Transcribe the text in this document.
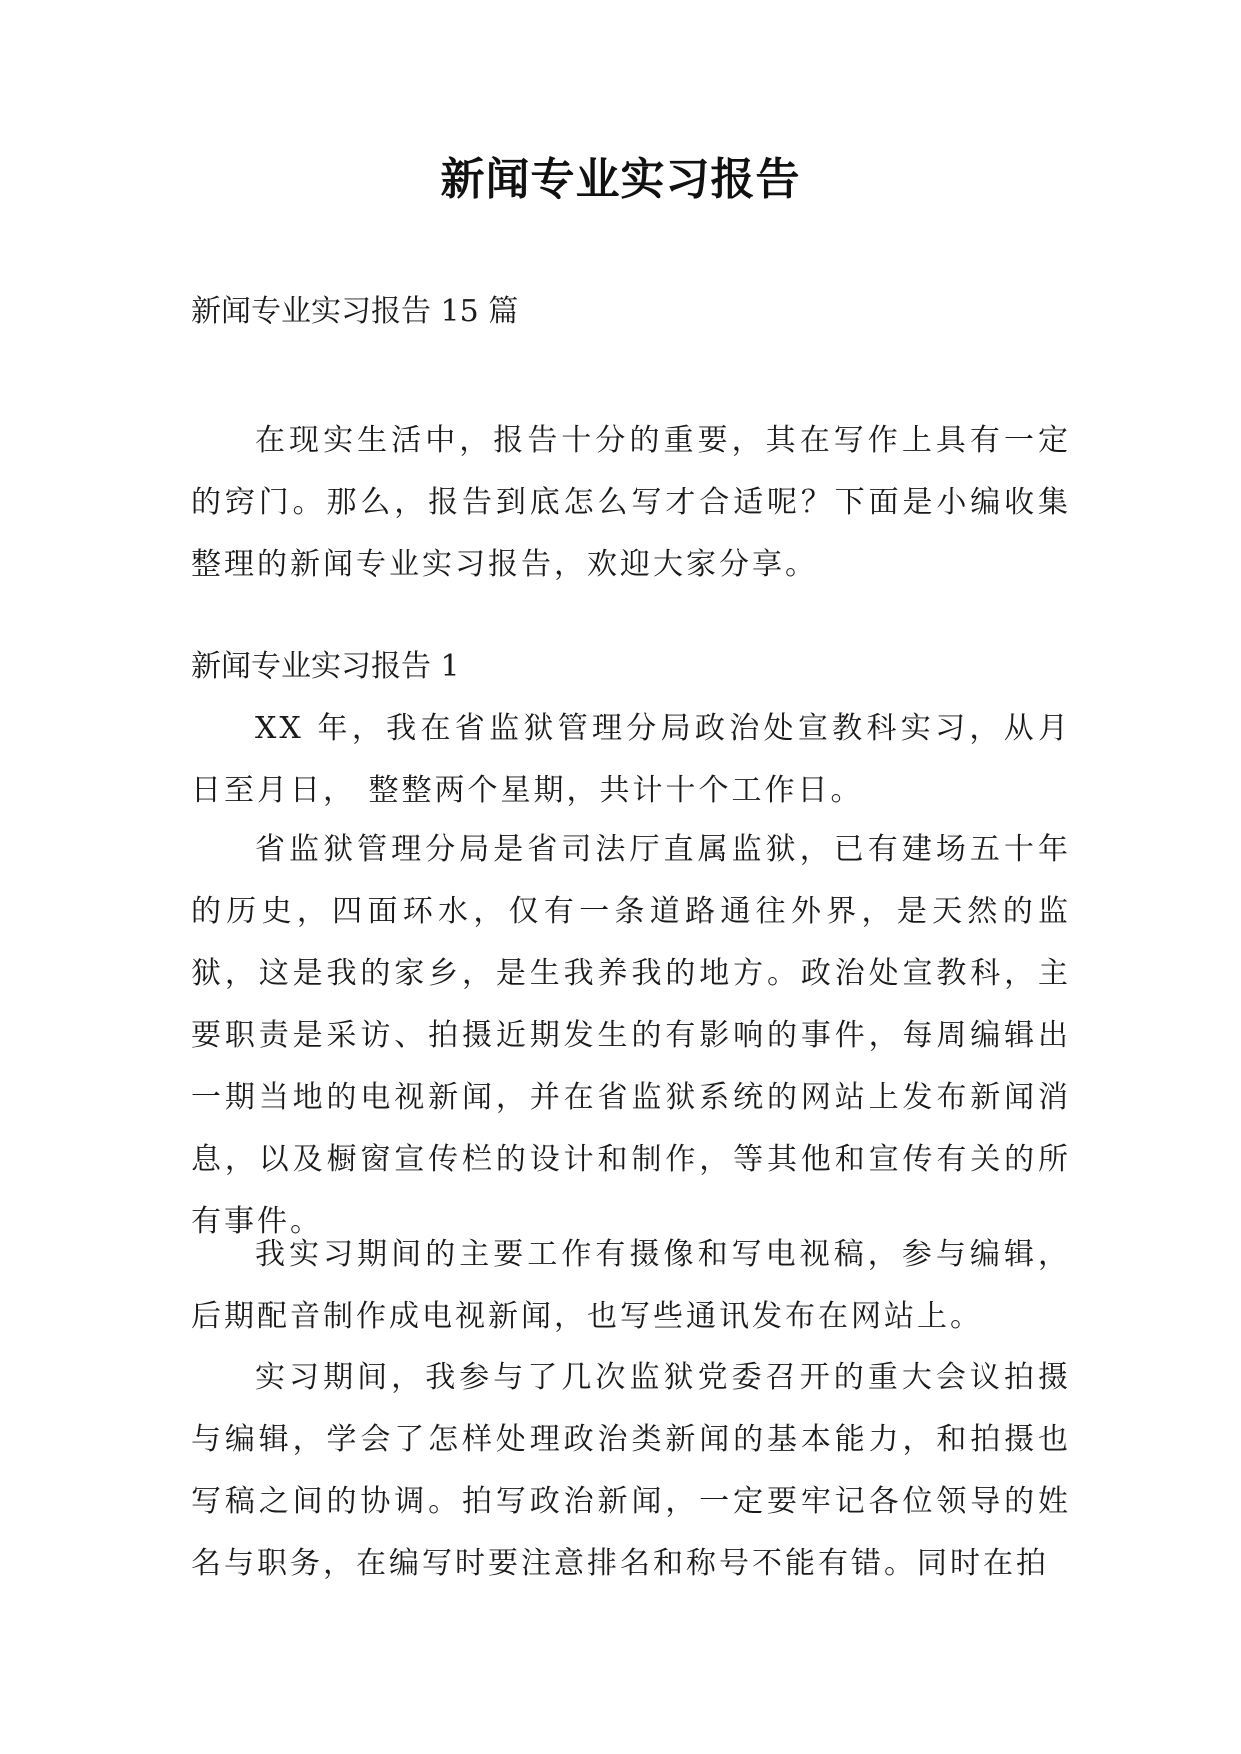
新闻专业实习报告

新闻专业实习报告 15 篇

在现实生活中，报告十分的重要，其在写作上具有一定的窍门。那么，报告到底怎么写才合适呢？下面是小编收集整理的新闻专业实习报告，欢迎大家分享。

新闻专业实习报告 1

XX 年，我在省监狱管理分局政治处宣教科实习，从月日至月日， 整整两个星期，共计十个工作日。

省监狱管理分局是省司法厅直属监狱，已有建场五十年的历史，四面环水，仅有一条道路通往外界，是天然的监狱，这是我的家乡，是生我养我的地方。政治处宣教科，主要职责是采访、拍摄近期发生的有影响的事件，每周编辑出一期当地的电视新闻，并在省监狱系统的网站上发布新闻消息，以及橱窗宣传栏的设计和制作，等其他和宣传有关的所有事件。

我实习期间的主要工作有摄像和写电视稿，参与编辑，后期配音制作成电视新闻，也写些通讯发布在网站上。

实习期间，我参与了几次监狱党委召开的重大会议拍摄与编辑，学会了怎样处理政治类新闻的基本能力，和拍摄也写稿之间的协调。拍写政治新闻，一定要牢记各位领导的姓名与职务，在编写时要注意排名和称号不能有错。同时在拍
